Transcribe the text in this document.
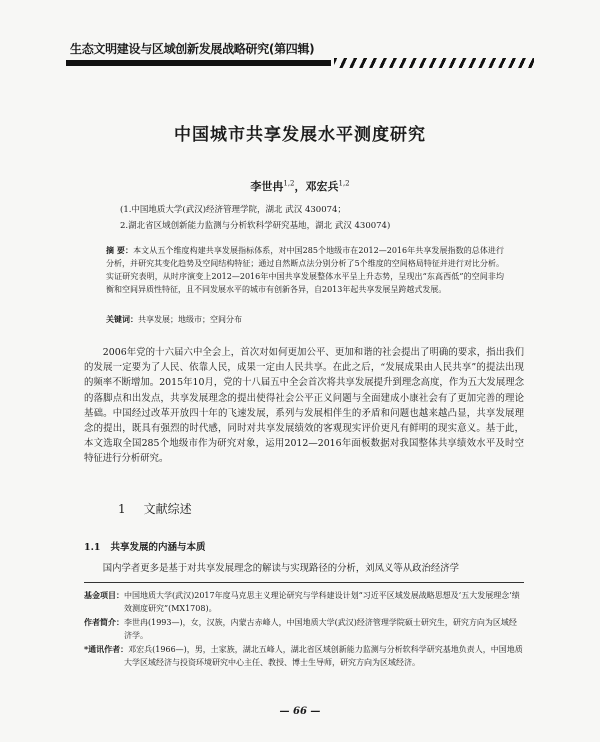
生态文明建设与区域创新发展战略研究(第四辑)
中国城市共享发展水平测度研究
李世冉$^{1,2}$，邓宏兵$^{1,2}$
(1.中国地质大学(武汉)经济管理学院，湖北 武汉 430074；
2.湖北省区域创新能力监测与分析软科学研究基地，湖北 武汉 430074)
摘 要：本文从五个维度构建共享发展指标体系，对中国285个地级市在2012—2016年共享发展指数的总体进行分析，并研究其变化趋势及空间结构特征；通过自然断点法分别分析了5个维度的空间格局特征并进行对比分析。实证研究表明，从时序演变上2012—2016年中国共享发展整体水平呈上升态势，呈现出“东高西低”的空间非均衡和空间异质性特征，且不同发展水平的城市有创新各异，自2013年起共享发展呈跨越式发展。
关键词：共享发展；地级市；空间分布
2006年党的十六届六中全会上，首次对如何更加公平、更加和谐的社会提出了明确的要求，指出我们的发展一定要为了人民、依靠人民，成果一定由人民共享。在此之后，“发展成果由人民共享”的提法出现的频率不断增加。2015年10月，党的十八届五中全会首次将共享发展提升到理念高度，作为五大发展理念的落脚点和出发点，共享发展理念的提出使得社会公平正义问题与全面建成小康社会有了更加完善的理论基础。中国经过改革开放四十年的飞速发展，系列与发展相伴生的矛盾和问题也越来越凸显，共享发展理念的提出，既具有强烈的时代感，同时对共享发展绩效的客观现实评价更凡有鲜明的现实意义。基于此，本文选取全国285个地级市作为研究对象，运用2012—2016年面板数据对我国整体共享绩效水平及时空特征进行分析研究。
1 文献综述
1.1 共享发展的内涵与本质
国内学者更多是基于对共享发展理念的解读与实现路径的分析，刘凤义等从政治经济学

基金项目：中国地质大学(武汉)2017年度马克思主义理论研究与学科建设计划“习近平区域发展战略思想及‘五大发展理念’绩效测度研究”(MX1708)。

作者简介：李世冉(1993—)，女，汉族，内蒙古赤峰人，中国地质大学(武汉)经济管理学院硕士研究生，研究方向为区域经济学。

*通讯作者：邓宏兵(1966—)，男，土家族，湖北五峰人，湖北省区域创新能力监测与分析软科学研究基地负责人，中国地质大学区域经济与投资环境研究中心主任、教授、博士生导师，研究方向为区域经济。

— 66 —
